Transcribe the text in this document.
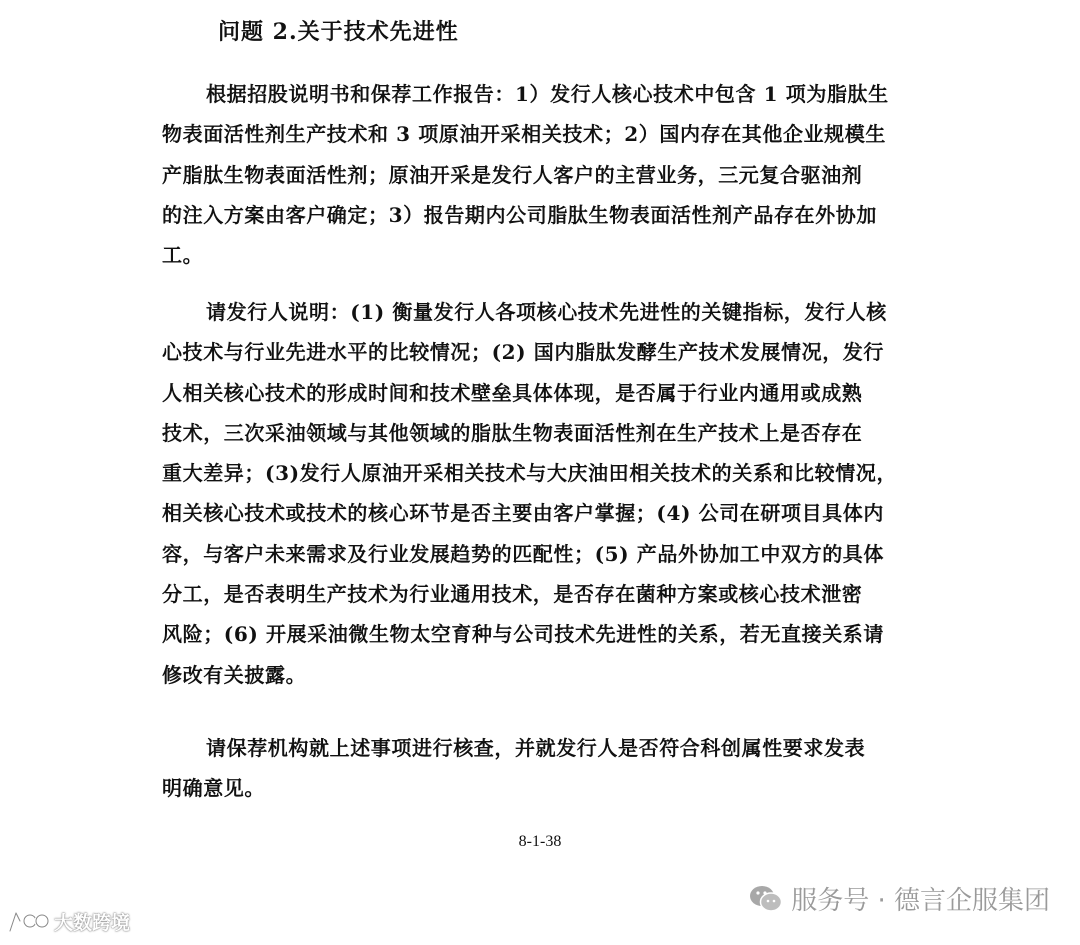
问题 2.关于技术先进性
根据招股说明书和保荐工作报告：1）发行人核心技术中包含 1 项为脂肽生
物表面活性剂生产技术和 3 项原油开采相关技术；2）国内存在其他企业规模生
产脂肽生物表面活性剂；原油开采是发行人客户的主营业务，三元复合驱油剂
的注入方案由客户确定；3）报告期内公司脂肽生物表面活性剂产品存在外协加
工。
请发行人说明：(1) 衡量发行人各项核心技术先进性的关键指标，发行人核
心技术与行业先进水平的比较情况；(2) 国内脂肽发酵生产技术发展情况，发行
人相关核心技术的形成时间和技术壁垒具体体现，是否属于行业内通用或成熟
技术，三次采油领域与其他领域的脂肽生物表面活性剂在生产技术上是否存在
重大差异；(3)发行人原油开采相关技术与大庆油田相关技术的关系和比较情况，
相关核心技术或技术的核心环节是否主要由客户掌握；(4) 公司在研项目具体内
容，与客户未来需求及行业发展趋势的匹配性；(5) 产品外协加工中双方的具体
分工，是否表明生产技术为行业通用技术，是否存在菌种方案或核心技术泄密
风险；(6) 开展采油微生物太空育种与公司技术先进性的关系，若无直接关系请
修改有关披露。
请保荐机构就上述事项进行核查，并就发行人是否符合科创属性要求发表
明确意见。
8-1-38
服务号 · 德言企服集团
大数跨境
